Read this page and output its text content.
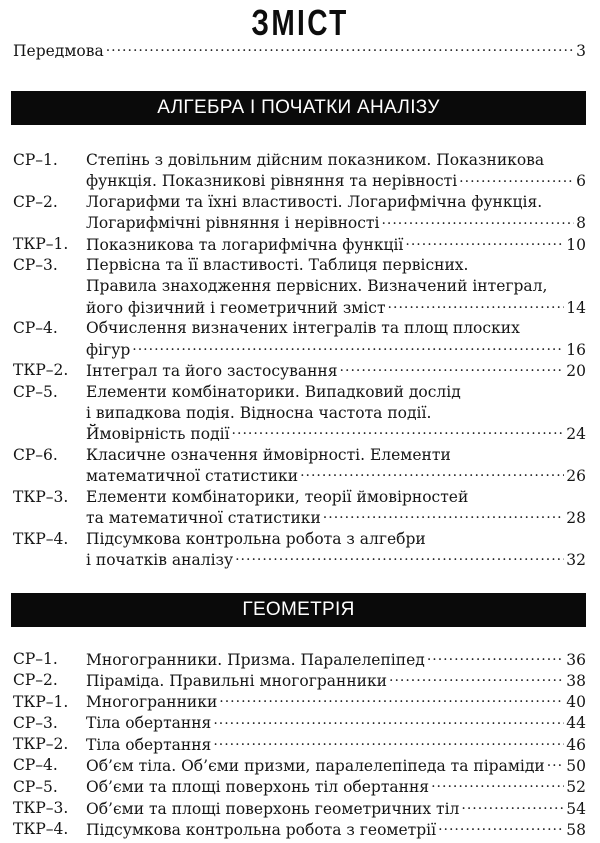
ЗМІСТ
Передмова .....	3
АЛГЕБРА І ПОЧАТКИ АНАЛІЗУ
СР–1.	Степінь з довільним дійсним показником. Показникова
функція. Показникові рівняння та нерівності .....	6
СР–2.	Логарифми та їхні властивості. Логарифмічна функція.
Логарифмічні рівняння і нерівності .....	8
ТКР–1.	Показникова та логарифмічна функції .....	10
СР–3.	Первісна та її властивості. Таблиця первісних.
Правила знаходження первісних. Визначений інтеграл,
його фізичний і геометричний зміст .....	14
СР–4.	Обчислення визначених інтегралів та площ плоских
фігур .....	16
ТКР–2.	Інтеграл та його застосування .....	20
СР–5.	Елементи комбінаторики. Випадковий дослід
і випадкова подія. Відносна частота події.
Ймовірність події .....	24
СР–6.	Класичне означення ймовірності. Елементи
математичної статистики .....	26
ТКР–3.	Елементи комбінаторики, теорії ймовірностей
та математичної статистики .....	28
ТКР–4.	Підсумкова контрольна робота з алгебри
і початків аналізу .....	32
ГЕОМЕТРІЯ
СР–1.	Многогранники. Призма. Паралелепіпед .....	36
СР–2.	Піраміда. Правильні многогранники .....	38
ТКР–1.	Многогранники .....	40
СР–3.	Тіла обертання .....	44
ТКР–2.	Тіла обертання .....	46
СР–4.	Об’єм тіла. Об’єми призми, паралелепіпеда та піраміди ..... 50
СР–5.	Об’єми та площі поверхонь тіл обертання .....	52
ТКР–3.	Об’єми та площі поверхонь геометричних тіл .....	54
ТКР–4.	Підсумкова контрольна робота з геометрії .....	58
